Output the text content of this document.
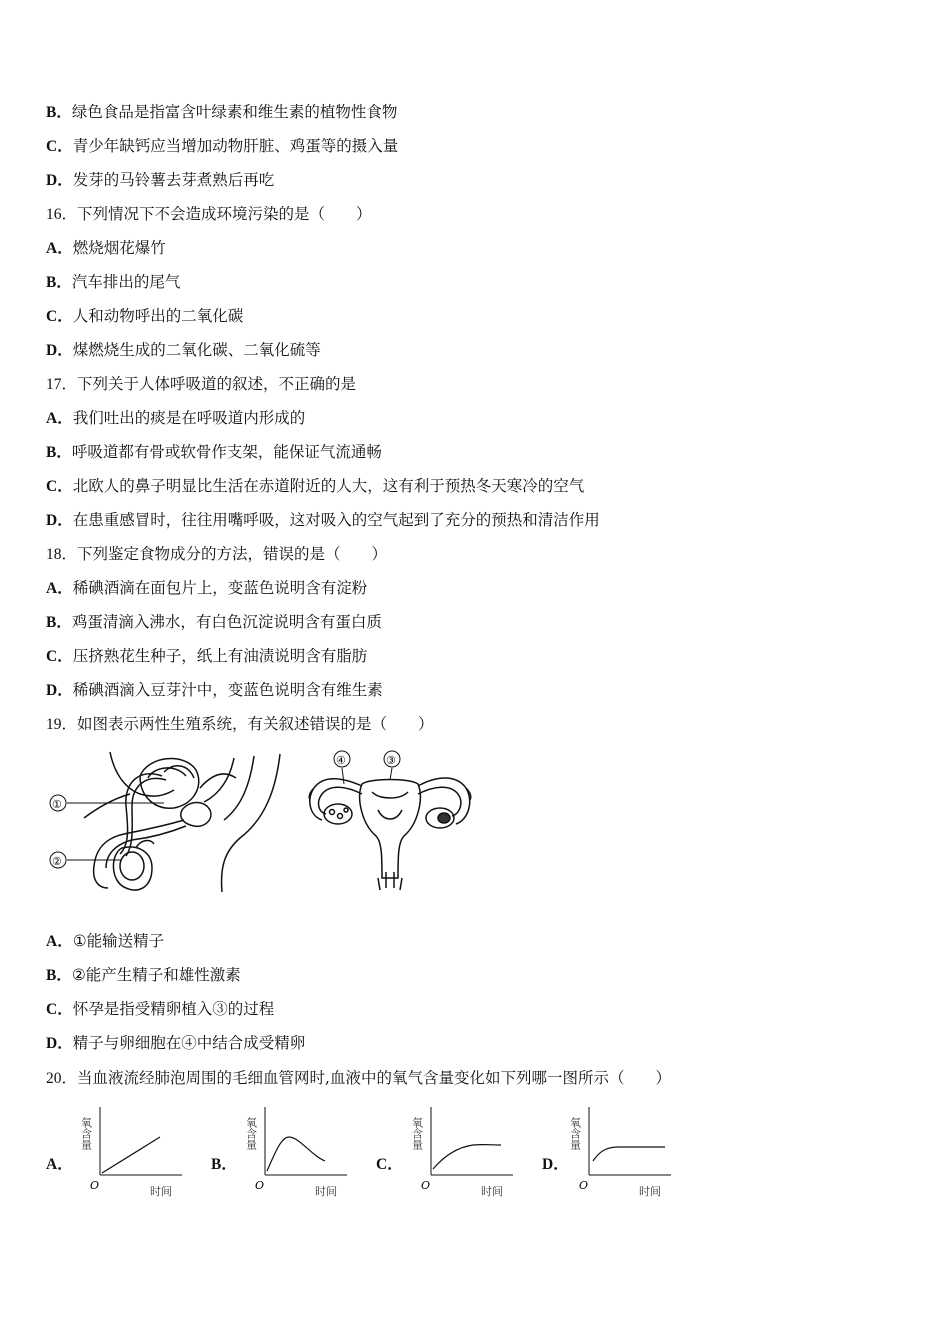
B．绿色食品是指富含叶绿素和维生素的植物性食物
C．青少年缺钙应当增加动物肝脏、鸡蛋等的摄入量
D．发芽的马铃薯去芽煮熟后再吃
16．下列情况下不会造成环境污染的是（　　）
A．燃烧烟花爆竹
B．汽车排出的尾气
C．人和动物呼出的二氧化碳
D．煤燃烧生成的二氧化碳、二氧化硫等
17．下列关于人体呼吸道的叙述，不正确的是
A．我们吐出的痰是在呼吸道内形成的
B．呼吸道都有骨或软骨作支架，能保证气流通畅
C．北欧人的鼻子明显比生活在赤道附近的人大，这有利于预热冬天寒冷的空气
D．在患重感冒时，往往用嘴呼吸，这对吸入的空气起到了充分的预热和清洁作用
18．下列鉴定食物成分的方法，错误的是（　　）
A．稀碘酒滴在面包片上，变蓝色说明含有淀粉
B．鸡蛋清滴入沸水，有白色沉淀说明含有蛋白质
C．压挤熟花生种子，纸上有油渍说明含有脂肪
D．稀碘酒滴入豆芽汁中，变蓝色说明含有维生素
19．如图表示两性生殖系统，有关叙述错误的是（　　）
①
②
④	③
A．①能输送精子
B．②能产生精子和雄性激素
C．怀孕是指受精卵植入③的过程
D．精子与卵细胞在④中结合成受精卵
20．当血液流经肺泡周围的毛细血管网时,血液中的氧气含量变化如下列哪一图所示（　　）
A．	B．	C．	D．
氧含量
O	时间
氧含量
O	时间
氧含量
O	时间
氧含量
O	时间
